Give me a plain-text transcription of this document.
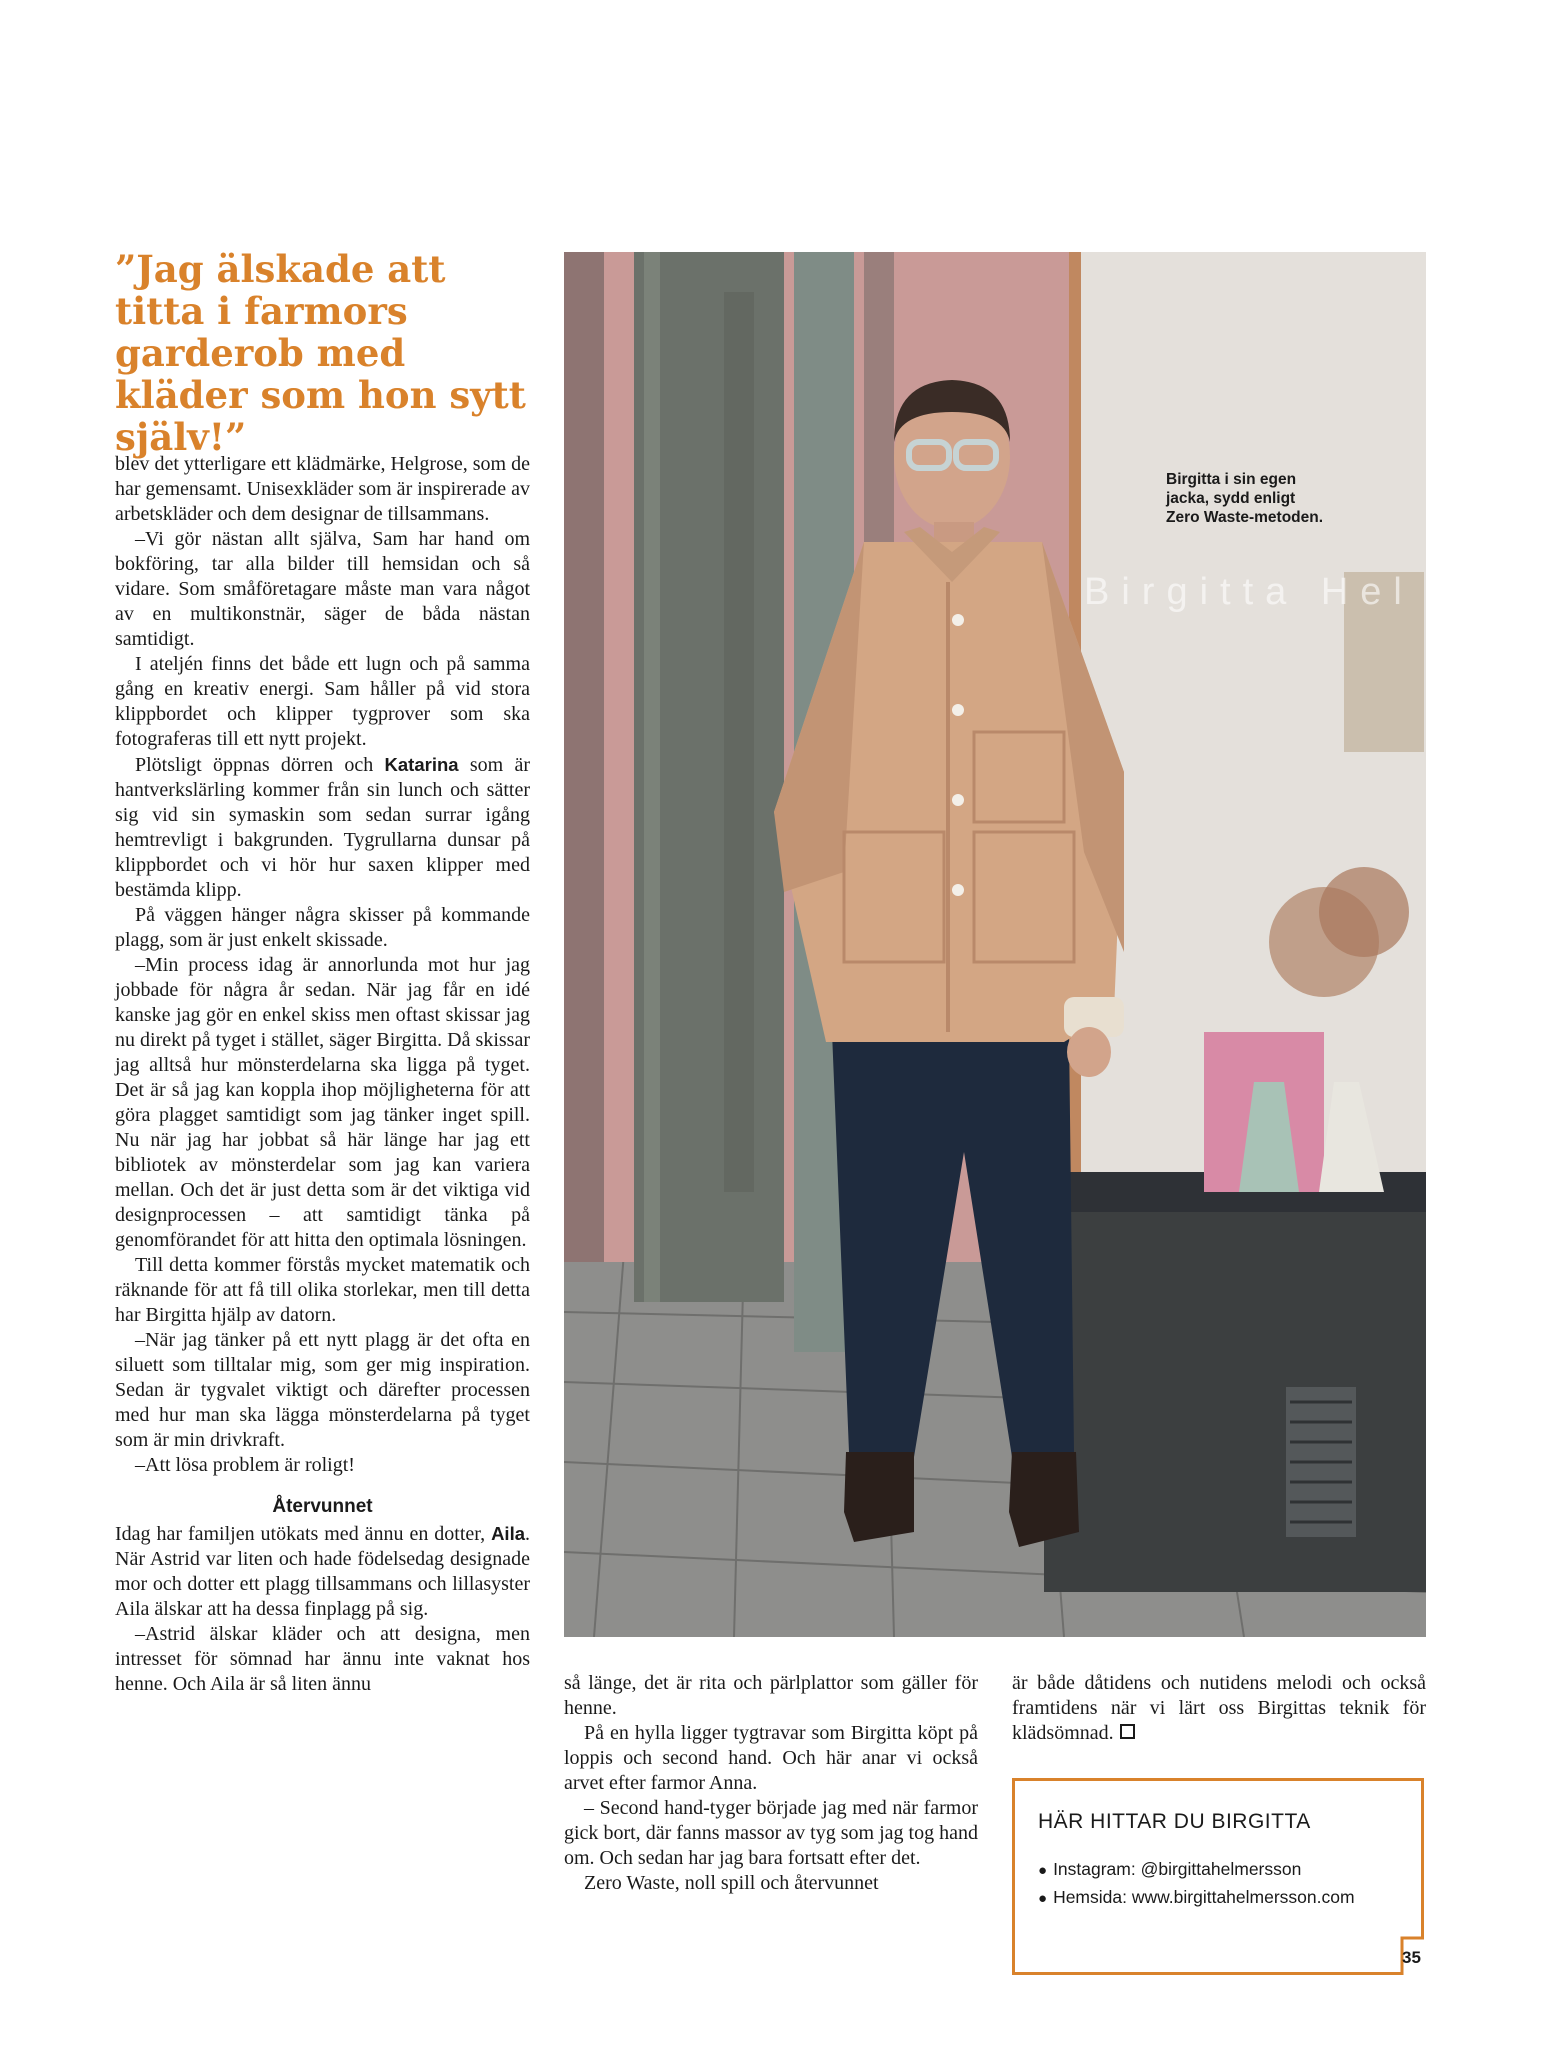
”Jag älskade att titta i farmors garderob med kläder som hon sytt själv!”

blev det ytterligare ett klädmärke, Helgrose, som de har gemensamt. Unisexkläder som är inspirerade av arbetskläder och dem designar de tillsammans.

–Vi gör nästan allt själva, Sam har hand om bokföring, tar alla bilder till hemsidan och så vidare. Som småföretagare måste man vara något av en multikonstnär, säger de båda nästan samtidigt.

I ateljén finns det både ett lugn och på samma gång en kreativ energi. Sam håller på vid stora klippbordet och klipper tygprover som ska fotograferas till ett nytt projekt.

Plötsligt öppnas dörren och Katarina som är hantverkslärling kommer från sin lunch och sätter sig vid sin symaskin som sedan surrar igång hemtrevligt i bakgrunden. Tygrullarna dunsar på klippbordet och vi hör hur saxen klipper med bestämda klipp.

På väggen hänger några skisser på kommande plagg, som är just enkelt skissade.

–Min process idag är annorlunda mot hur jag jobbade för några år sedan. När jag får en idé kanske jag gör en enkel skiss men oftast skissar jag nu direkt på tyget i stället, säger Birgitta. Då skissar jag alltså hur mönsterdelarna ska ligga på tyget. Det är så jag kan koppla ihop möjligheterna för att göra plagget samtidigt som jag tänker inget spill. Nu när jag har jobbat så här länge har jag ett bibliotek av mönsterdelar som jag kan variera mellan. Och det är just detta som är det viktiga vid designprocessen – att samtidigt tänka på genomförandet för att hitta den optimala lösningen.

Till detta kommer förstås mycket matematik och räknande för att få till olika storlekar, men till detta har Birgitta hjälp av datorn.

–När jag tänker på ett nytt plagg är det ofta en siluett som tilltalar mig, som ger mig inspiration. Sedan är tygvalet viktigt och därefter processen med hur man ska lägga mönsterdelarna på tyget som är min drivkraft.

–Att lösa problem är roligt!

Återvunnet

Idag har familjen utökats med ännu en dotter, Aila. När Astrid var liten och hade födelsedag designade mor och dotter ett plagg tillsammans och lillasyster Aila älskar att ha dessa finplagg på sig.

–Astrid älskar kläder och att designa, men intresset för sömnad har ännu inte vaknat hos henne. Och Aila är så liten ännu

Birgitta Hel
Birgitta i sin egen jacka, sydd enligt Zero Waste-metoden.

så länge, det är rita och pärlplattor som gäller för henne.

På en hylla ligger tygtravar som Birgitta köpt på loppis och second hand. Och här anar vi också arvet efter farmor Anna.

– Second hand-tyger började jag med när farmor gick bort, där fanns massor av tyg som jag tog hand om. Och sedan har jag bara fortsatt efter det.

Zero Waste, noll spill och återvunnet

är både dåtidens och nutidens melodi och också framtidens när vi lärt oss Birgittas teknik för klädsömnad.

HÄR HITTAR DU BIRGITTA
● Instagram: @birgittahelmersson
● Hemsida: www.birgittahelmersson.com
35
